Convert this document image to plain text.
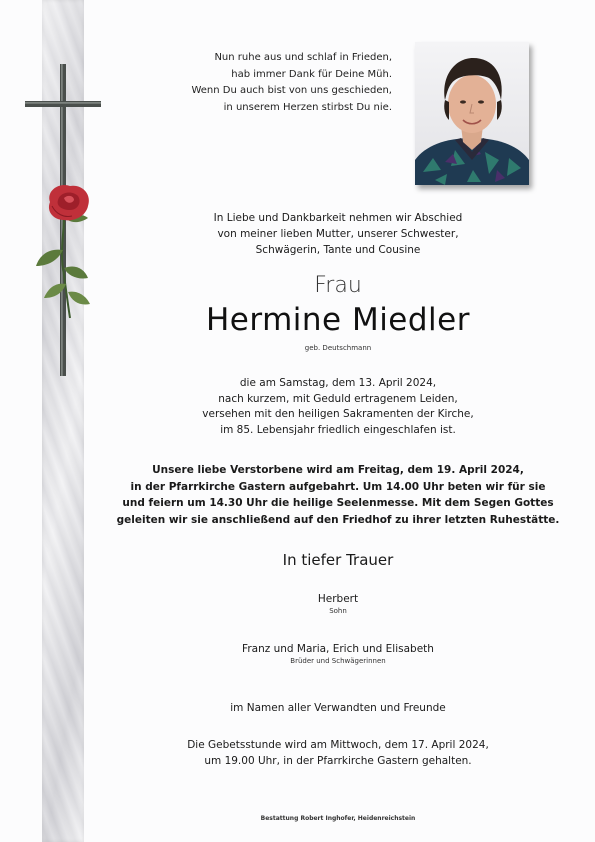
Nun ruhe aus und schlaf in Frieden,
hab immer Dank für Deine Müh.
Wenn Du auch bist von uns geschieden,
in unserem Herzen stirbst Du nie.
In Liebe und Dankbarkeit nehmen wir Abschied
von meiner lieben Mutter, unserer Schwester,
Schwägerin, Tante und Cousine
Frau
Hermine Miedler
geb. Deutschmann
die am Samstag, dem 13. April 2024,
nach kurzem, mit Geduld ertragenem Leiden,
versehen mit den heiligen Sakramenten der Kirche,
im 85. Lebensjahr friedlich eingeschlafen ist.
Unsere liebe Verstorbene wird am Freitag, dem 19. April 2024,
in der Pfarrkirche Gastern aufgebahrt. Um 14.00 Uhr beten wir für sie
und feiern um 14.30 Uhr die heilige Seelenmesse. Mit dem Segen Gottes
geleiten wir sie anschließend auf den Friedhof zu ihrer letzten Ruhestätte.
In tiefer Trauer
Herbert
Sohn
Franz und Maria, Erich und Elisabeth
Brüder und Schwägerinnen
im Namen aller Verwandten und Freunde
Die Gebetsstunde wird am Mittwoch, dem 17. April 2024,
um 19.00 Uhr, in der Pfarrkirche Gastern gehalten.
Bestattung Robert Inghofer, Heidenreichstein
